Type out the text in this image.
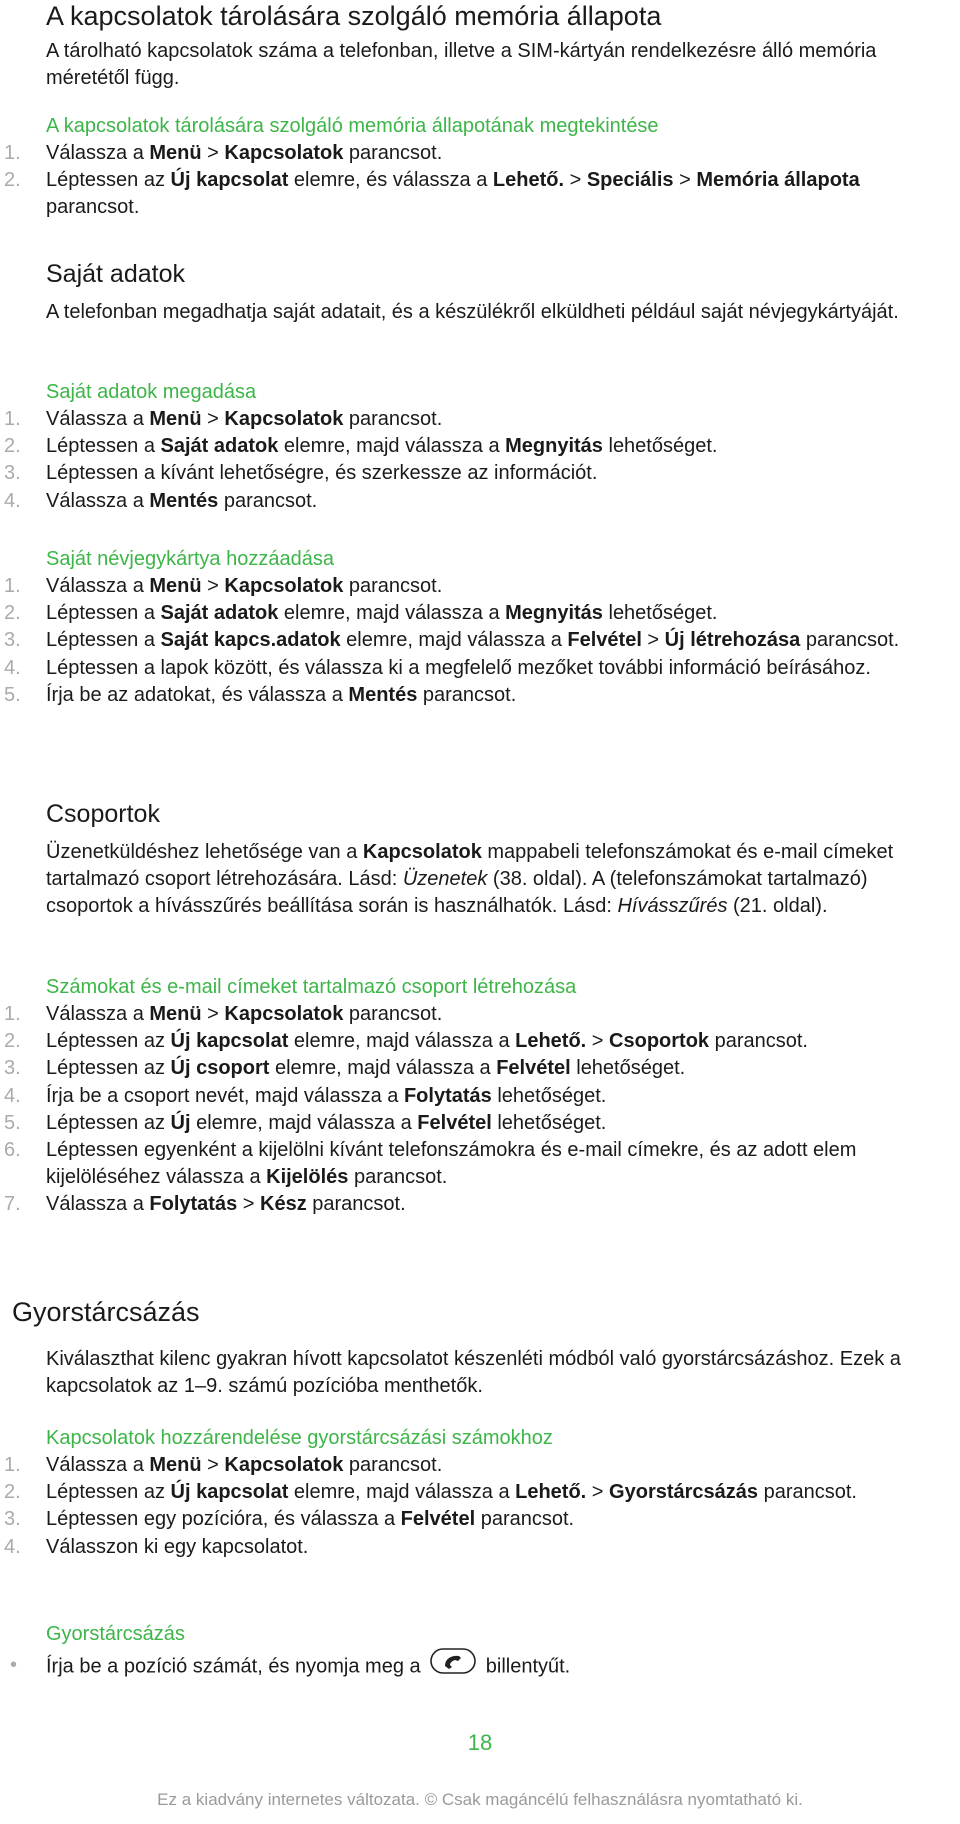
A kapcsolatok tárolására szolgáló memória állapota

A tárolható kapcsolatok száma a telefonban, illetve a SIM-kártyán rendelkezésre álló memória méretétől függ.

A kapcsolatok tárolására szolgáló memória állapotának megtekintése
1. Válassza a Menü > Kapcsolatok parancsot.
2. Léptessen az Új kapcsolat elemre, és válassza a Lehető. > Speciális > Memória állapota parancsot.
Saját adatok

A telefonban megadhatja saját adatait, és a készülékről elküldheti például saját névjegykártyáját.

Saját adatok megadása
1. Válassza a Menü > Kapcsolatok parancsot.
2. Léptessen a Saját adatok elemre, majd válassza a Megnyitás lehetőséget.
3. Léptessen a kívánt lehetőségre, és szerkessze az információt.
4. Válassza a Mentés parancsot.
Saját névjegykártya hozzáadása
1. Válassza a Menü > Kapcsolatok parancsot.
2. Léptessen a Saját adatok elemre, majd válassza a Megnyitás lehetőséget.
3. Léptessen a Saját kapcs.adatok elemre, majd válassza a Felvétel > Új létrehozása parancsot.
4. Léptessen a lapok között, és válassza ki a megfelelő mezőket további információ beírásához.
5. Írja be az adatokat, és válassza a Mentés parancsot.
Csoportok

Üzenetküldéshez lehetősége van a Kapcsolatok mappabeli telefonszámokat és e-mail címeket tartalmazó csoport létrehozására. Lásd: Üzenetek (38. oldal). A (telefonszámokat tartalmazó) csoportok a hívásszűrés beállítása során is használhatók. Lásd: Hívásszűrés (21. oldal).

Számokat és e-mail címeket tartalmazó csoport létrehozása
1. Válassza a Menü > Kapcsolatok parancsot.
2. Léptessen az Új kapcsolat elemre, majd válassza a Lehető. > Csoportok parancsot.
3. Léptessen az Új csoport elemre, majd válassza a Felvétel lehetőséget.
4. Írja be a csoport nevét, majd válassza a Folytatás lehetőséget.
5. Léptessen az Új elemre, majd válassza a Felvétel lehetőséget.
6. Léptessen egyenként a kijelölni kívánt telefonszámokra és e-mail címekre, és az adott elem kijelöléséhez válassza a Kijelölés parancsot.
7. Válassza a Folytatás > Kész parancsot.
Gyorstárcsázás

Kiválaszthat kilenc gyakran hívott kapcsolatot készenléti módból való gyorstárcsázáshoz. Ezek a kapcsolatok az 1–9. számú pozícióba menthetők.

Kapcsolatok hozzárendelése gyorstárcsázási számokhoz
1. Válassza a Menü > Kapcsolatok parancsot.
2. Léptessen az Új kapcsolat elemre, majd válassza a Lehető. > Gyorstárcsázás parancsot.
3. Léptessen egy pozícióra, és válassza a Felvétel parancsot.
4. Válasszon ki egy kapcsolatot.
Gyorstárcsázás
• Írja be a pozíció számát, és nyomja meg a	billentyűt.
18
Ez a kiadvány internetes változata. © Csak magáncélú felhasználásra nyomtatható ki.
